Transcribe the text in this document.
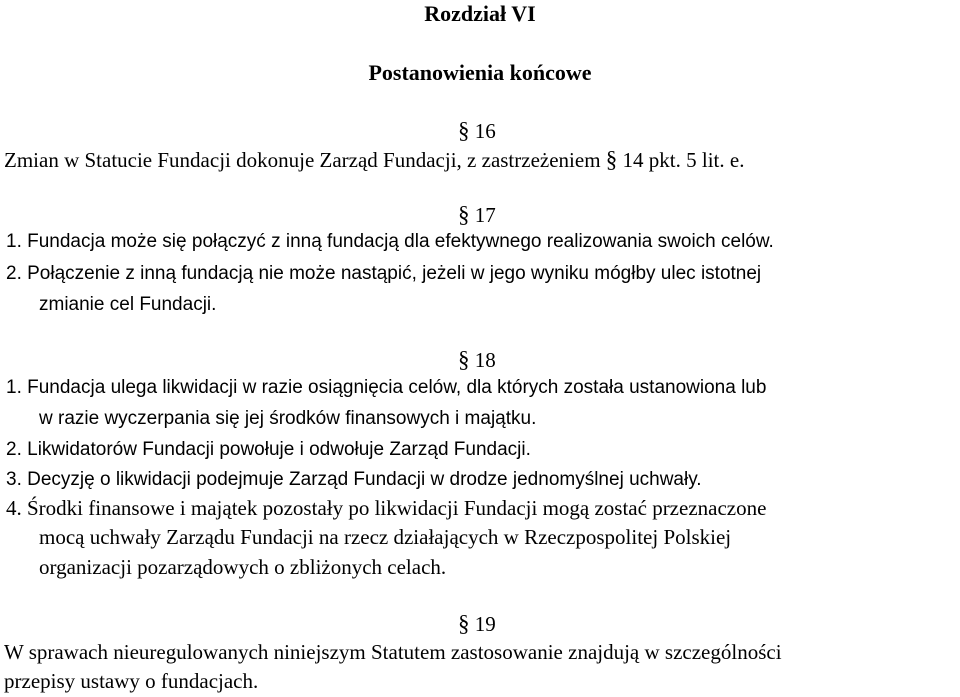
Rozdział VI
Postanowienia końcowe
§ 16
Zmian w Statucie Fundacji dokonuje Zarząd Fundacji, z zastrzeżeniem § 14 pkt. 5 lit. e.
§ 17
1. Fundacja może się połączyć z inną fundacją dla efektywnego realizowania swoich celów.
2. Połączenie z inną fundacją nie może nastąpić, jeżeli w jego wyniku mógłby ulec istotnej
zmianie cel Fundacji.
§ 18
1. Fundacja ulega likwidacji w razie osiągnięcia celów, dla których została ustanowiona lub
w razie wyczerpania się jej środków finansowych i majątku.
2. Likwidatorów Fundacji powołuje i odwołuje Zarząd Fundacji.
3. Decyzję o likwidacji podejmuje Zarząd Fundacji w drodze jednomyślnej uchwały.
4. Środki finansowe i majątek pozostały po likwidacji Fundacji mogą zostać przeznaczone
mocą uchwały Zarządu Fundacji na rzecz działających w Rzeczpospolitej Polskiej
organizacji pozarządowych o zbliżonych celach.
§ 19
W sprawach nieuregulowanych niniejszym Statutem zastosowanie znajdują w szczególności
przepisy ustawy o fundacjach.
